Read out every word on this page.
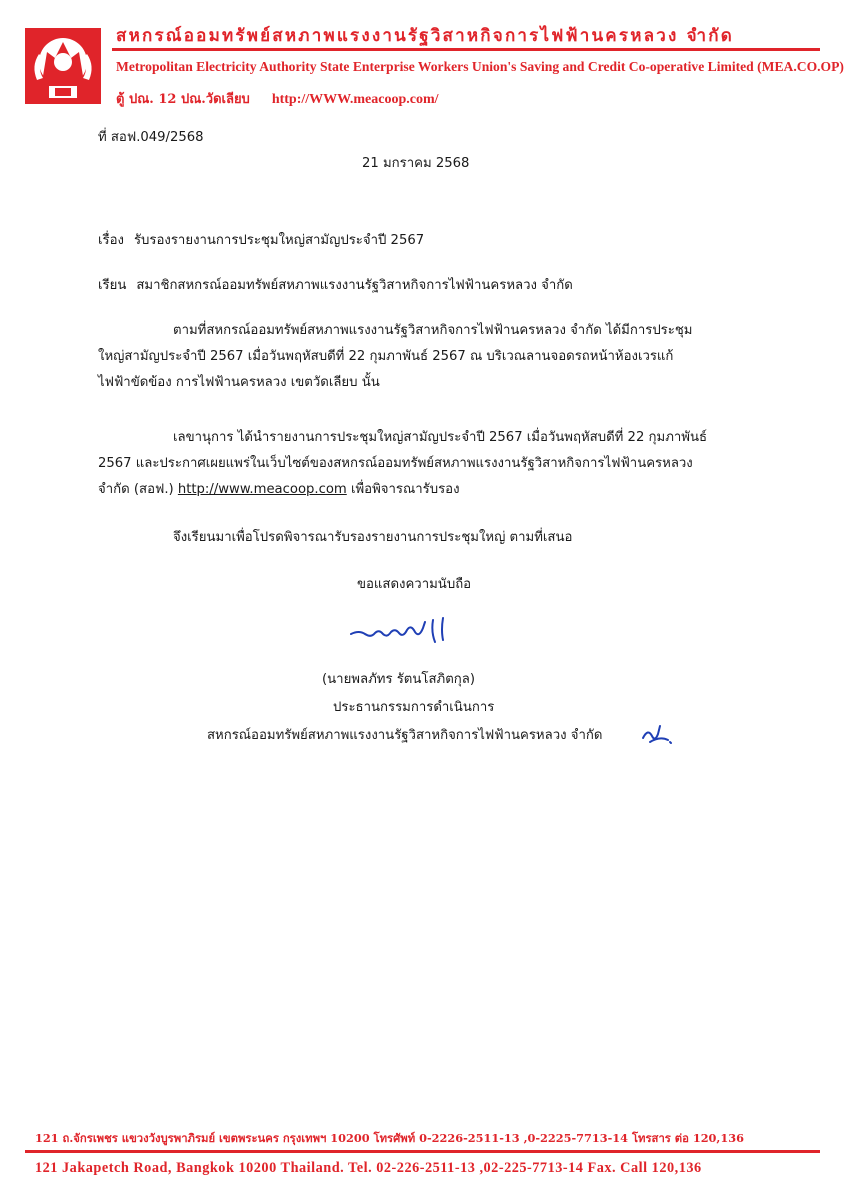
สหกรณ์ออมทรัพย์สหภาพแรงงานรัฐวิสาหกิจการไฟฟ้านครหลวง จำกัด
Metropolitan Electricity Authority State Enterprise Workers Union's Saving and Credit Co-operative Limited (MEA.CO.OP)
ตู้ ปณ. 12 ปณ.วัดเลียบ http://WWW.meacoop.com/
ที่ สอฟ.049/2568
21 มกราคม 2568
เรื่อง รับรองรายงานการประชุมใหญ่สามัญประจำปี 2567
เรียน สมาชิกสหกรณ์ออมทรัพย์สหภาพแรงงานรัฐวิสาหกิจการไฟฟ้านครหลวง จำกัด
ตามที่สหกรณ์ออมทรัพย์สหภาพแรงงานรัฐวิสาหกิจการไฟฟ้านครหลวง จำกัด ได้มีการประชุม
ใหญ่สามัญประจำปี 2567 เมื่อวันพฤหัสบดีที่ 22 กุมภาพันธ์ 2567 ณ บริเวณลานจอดรถหน้าห้องเวรแก้
ไฟฟ้าขัดข้อง การไฟฟ้านครหลวง เขตวัดเลียบ นั้น
เลขานุการ ได้นำรายงานการประชุมใหญ่สามัญประจำปี 2567 เมื่อวันพฤหัสบดีที่ 22 กุมภาพันธ์
2567 และประกาศเผยแพร่ในเว็บไซต์ของสหกรณ์ออมทรัพย์สหภาพแรงงานรัฐวิสาหกิจการไฟฟ้านครหลวง
จำกัด (สอฟ.) http://www.meacoop.com เพื่อพิจารณารับรอง
จึงเรียนมาเพื่อโปรดพิจารณารับรองรายงานการประชุมใหญ่ ตามที่เสนอ
ขอแสดงความนับถือ
(นายพลภัทร รัตนโสภิตกุล)
ประธานกรรมการดำเนินการ
สหกรณ์ออมทรัพย์สหภาพแรงงานรัฐวิสาหกิจการไฟฟ้านครหลวง จำกัด
121 ถ.จักรเพชร แขวงวังบูรพาภิรมย์ เขตพระนคร กรุงเทพฯ 10200 โทรศัพท์ 0-2226-2511-13 ,0-2225-7713-14 โทรสาร ต่อ 120,136
121 Jakapetch Road, Bangkok 10200 Thailand. Tel. 02-226-2511-13 ,02-225-7713-14 Fax. Call 120,136
